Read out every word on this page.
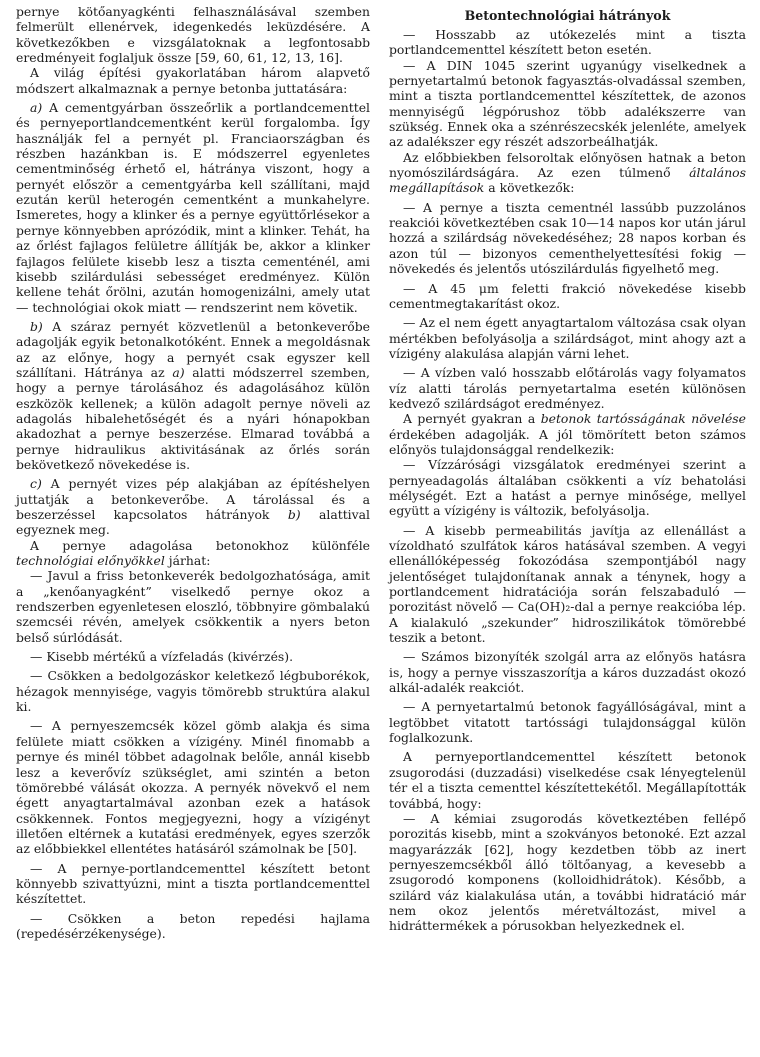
pernye kötőanyagkénti felhasználásával szemben felmerült ellenérvek, idegenkedés leküzdésére. A következőkben e vizsgálatoknak a legfontosabb eredményeit foglaljuk össze [59, 60, 61, 12, 13, 16].

A világ építési gyakorlatában három alapvető módszert alkalmaznak a pernye betonba juttatására:

a) A cementgyárban összeőrlik a portlandcementtel és pernyeportlandcementként kerül forgalomba. Így használják fel a pernyét pl. Franciaországban és részben hazánkban is. E módszerrel egyenletes cementminőség érhető el, hátránya viszont, hogy a pernyét először a cementgyárba kell szállítani, majd ezután kerül heterogén cementként a munkahelyre. Ismeretes, hogy a klinker és a pernye együttőrlésekor a pernye könnyebben aprózódik, mint a klinker. Tehát, ha az őrlést fajlagos felületre állítják be, akkor a klinker fajlagos felülete kisebb lesz a tiszta cementénél, ami kisebb szilárdulási sebességet eredményez. Külön kellene tehát őrölni, azután homogenizálni, amely utat — technológiai okok miatt — rendszerint nem követik.

b) A száraz pernyét közvetlenül a betonkeverőbe adagolják egyik betonalkotóként. Ennek a megoldásnak az az előnye, hogy a pernyét csak egyszer kell szállítani. Hátránya az a) alatti módszerrel szemben, hogy a pernye tárolásához és adagolásához külön eszközök kellenek; a külön adagolt pernye növeli az adagolás hibalehetőségét és a nyári hónapokban akadozhat a pernye beszerzése. Elmarad továbbá a pernye hidraulikus aktivitásának az őrlés során bekövetkező növekedése is.

c) A pernyét vizes pép alakjában az építéshelyen juttatják a betonkeverőbe. A tárolással és a beszerzéssel kapcsolatos hátrányok b) alattival egyeznek meg.

A pernye adagolása betonokhoz különféle technológiai előnyökkel járhat:

— Javul a friss betonkeverék bedolgozhatósága, amit a „kenőanyagként” viselkedő pernye okoz a rendszerben egyenletesen eloszló, többnyire gömbalakú szemcséi révén, amelyek csökkentik a nyers beton belső súrlódását.

— Kisebb mértékű a vízfeladás (kivérzés).

— Csökken a bedolgozáskor keletkező légbuborékok, hézagok mennyisége, vagyis tömörebb struktúra alakul ki.

— A pernyeszemcsék közel gömb alakja és sima felülete miatt csökken a vízigény. Minél finomabb a pernye és minél többet adagolnak belőle, annál kisebb lesz a keverővíz szükséglet, ami szintén a beton tömörebbé válását okozza. A pernyék növekvő el nem égett anyagtartalmával azonban ezek a hatások csökkennek. Fontos megjegyezni, hogy a vízigényt illetően eltérnek a kutatási eredmények, egyes szerzők az előbbiekkel ellentétes hatásáról számolnak be [50].

— A pernye-portlandcementtel készített betont könnyebb szivattyúzni, mint a tiszta portlandcementtel készítettet.

— Csökken a beton repedési hajlama (repedésérzékenysége).

Betontechnológiai hátrányok

— Hosszabb az utókezelés mint a tiszta portlandcementtel készített beton esetén.

— A DIN 1045 szerint ugyanúgy viselkednek a pernyetartalmú betonok fagyasztás-olvadással szemben, mint a tiszta portlandcementtel készítettek, de azonos mennyiségű légpórushoz több adalékszerre van szükség. Ennek oka a szénrészecskék jelenléte, amelyek az adalékszer egy részét adszorbeálhatják.

Az előbbiekben felsoroltak előnyösen hatnak a beton nyomószilárdságára. Az ezen túlmenő általános megállapítások a következők:

— A pernye a tiszta cementnél lassúbb puzzolános reakciói következtében csak 10—14 napos kor után járul hozzá a szilárdság növekedéséhez; 28 napos korban és azon túl — bizonyos cementhelyettesítési fokig — növekedés és jelentős utószilárdulás figyelhető meg.

— A 45 μm feletti frakció növekedése kisebb cementmegtakarítást okoz.

— Az el nem égett anyagtartalom változása csak olyan mértékben befolyásolja a szilárdságot, mint ahogy azt a vízigény alakulása alapján várni lehet.

— A vízben való hosszabb előtárolás vagy folyamatos víz alatti tárolás pernyetartalma esetén különösen kedvező szilárdságot eredményez.

A pernyét gyakran a betonok tartósságának növelése érdekében adagolják. A jól tömörített beton számos előnyös tulajdonsággal rendelkezik:

— Vízzárósági vizsgálatok eredményei szerint a pernyeadagolás általában csökkenti a víz behatolási mélységét. Ezt a hatást a pernye minősége, mellyel együtt a vízigény is változik, befolyásolja.

— A kisebb permeabilitás javítja az ellenállást a vízoldható szulfátok káros hatásával szemben. A vegyi ellenállóképesség fokozódása szempontjából nagy jelentőséget tulajdonítanak annak a ténynek, hogy a portlandcement hidratációja során felszabaduló — porozitást növelő — Ca(OH)₂-dal a pernye reakcióba lép. A kialakuló „szekunder” hidroszilikátok tömörebbé teszik a betont.

— Számos bizonyíték szolgál arra az előnyös hatásra is, hogy a pernye visszaszorítja a káros duzzadást okozó alkál-adalék reakciót.

— A pernyetartalmú betonok fagyállóságával, mint a legtöbbet vitatott tartóssági tulajdonsággal külön foglalkozunk.

A pernyeportlandcementtel készített betonok zsugorodási (duzzadási) viselkedése csak lényegtelenül tér el a tiszta cementtel készítettekétől. Megállapították továbbá, hogy:

— A kémiai zsugorodás következtében fellépő porozitás kisebb, mint a szokványos betonoké. Ezt azzal magyarázzák [62], hogy kezdetben több az inert pernyeszemcsékből álló töltőanyag, a kevesebb a zsugorodó komponens (kolloidhidrátok). Később, a szilárd váz kialakulása után, a további hidratáció már nem okoz jelentős méretváltozást, mivel a hidráttermékek a pórusokban helyezkednek el.
